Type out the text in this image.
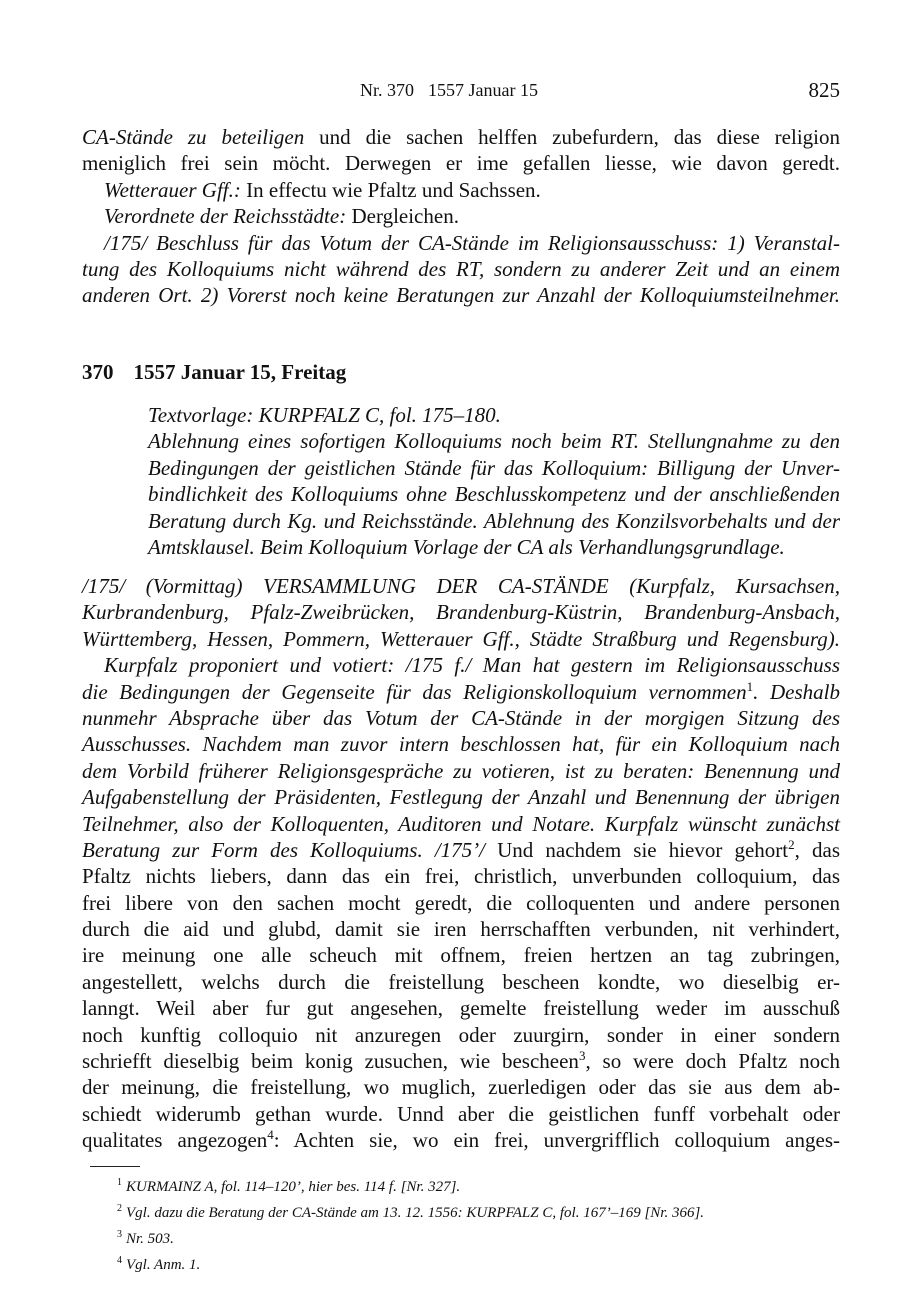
Nr. 370 1557 Januar 15	825
CA-Stände zu beteiligen und die sachen helffen zubefurdern, das diese religion
meniglich frei sein möcht. Derwegen er ime gefallen liesse, wie davon geredt.
Wetterauer Gff.: In effectu wie Pfaltz und Sachssen.
Verordnete der Reichsstädte: Dergleichen.
/175/ Beschluss für das Votum der CA-Stände im Religionsausschuss: 1) Veranstal-
tung des Kolloquiums nicht während des RT, sondern zu anderer Zeit und an einem
anderen Ort. 2) Vorerst noch keine Beratungen zur Anzahl der Kolloquiumsteilnehmer.
370 1557 Januar 15, Freitag
Textvorlage: KURPFALZ C, fol. 175–180.
Ablehnung eines sofortigen Kolloquiums noch beim RT. Stellungnahme zu den
Bedingungen der geistlichen Stände für das Kolloquium: Billigung der Unver-
bindlichkeit des Kolloquiums ohne Beschlusskompetenz und der anschließenden
Beratung durch Kg. und Reichsstände. Ablehnung des Konzilsvorbehalts und der
Amtsklausel. Beim Kolloquium Vorlage der CA als Verhandlungsgrundlage.
/175/ (Vormittag) VERSAMMLUNG DER CA-STÄNDE (Kurpfalz, Kursachsen,
Kurbrandenburg, Pfalz-Zweibrücken, Brandenburg-Küstrin, Brandenburg-Ansbach,
Württemberg, Hessen, Pommern, Wetterauer Gff., Städte Straßburg und Regensburg).
Kurpfalz proponiert und votiert: /175 f./ Man hat gestern im Religionsausschuss
die Bedingungen der Gegenseite für das Religionskolloquium vernommen$^1$. Deshalb
nunmehr Absprache über das Votum der CA-Stände in der morgigen Sitzung des
Ausschusses. Nachdem man zuvor intern beschlossen hat, für ein Kolloquium nach
dem Vorbild früherer Religionsgespräche zu votieren, ist zu beraten: Benennung und
Aufgabenstellung der Präsidenten, Festlegung der Anzahl und Benennung der übrigen
Teilnehmer, also der Kolloquenten, Auditoren und Notare. Kurpfalz wünscht zunächst
Beratung zur Form des Kolloquiums. /175’/ Und nachdem sie hievor gehort$^2$, das
Pfaltz nichts liebers, dann das ein frei, christlich, unverbunden colloquium, das
frei libere von den sachen mocht geredt, die colloquenten und andere personen
durch die aid und glubd, damit sie iren herrschafften verbunden, nit verhindert,
ire meinung one alle scheuch mit offnem, freien hertzen an tag zubringen,
angestellett, welchs durch die freistellung bescheen kondte, wo dieselbig er-
lanngt. Weil aber fur gut angesehen, gemelte freistellung weder im ausschuß
noch kunftig colloquio nit anzuregen oder zuurgirn, sonder in einer sondern
schriefft dieselbig beim konig zusuchen, wie bescheen$^3$, so were doch Pfaltz noch
der meinung, die freistellung, wo muglich, zuerledigen oder das sie aus dem ab-
schiedt widerumb gethan wurde. Unnd aber die geistlichen funff vorbehalt oder
qualitates angezogen$^4$: Achten sie, wo ein frei, unvergrifflich colloquium anges-
$^1$ KURMAINZ A, fol. 114–120’, hier bes. 114 f. [Nr. 327].
$^2$ Vgl. dazu die Beratung der CA-Stände am 13. 12. 1556: KURPFALZ C, fol. 167’–169 [Nr. 366].
$^3$ Nr. 503.
$^4$ Vgl. Anm. 1.
